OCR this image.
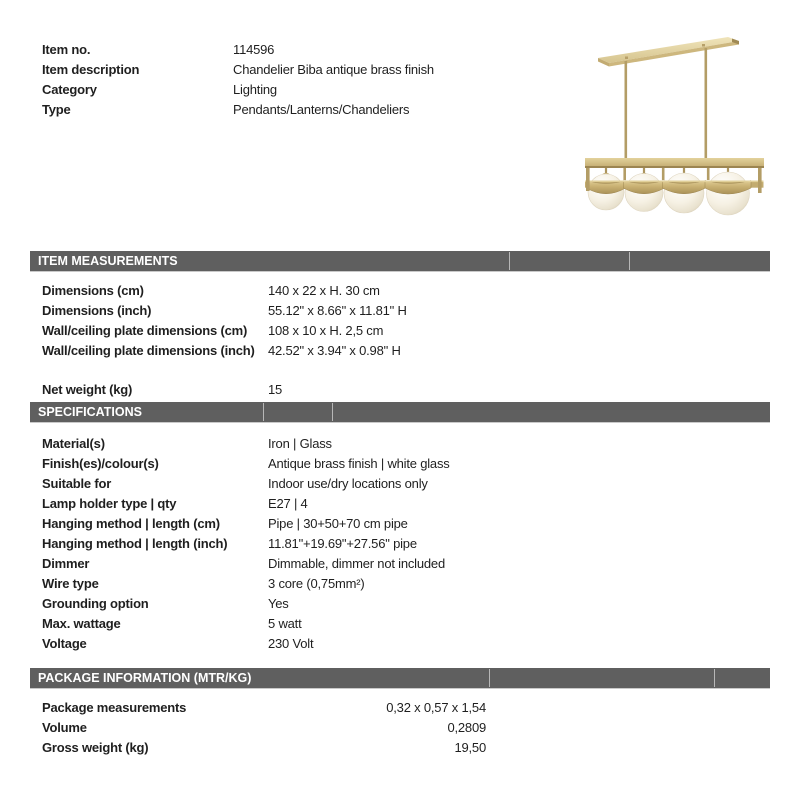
Item no.	114596
Item description	Chandelier Biba antique brass finish
Category	Lighting
Type	Pendants/Lanterns/Chandeliers
ITEM MEASUREMENTS
Dimensions (cm)	140 x 22 x H. 30 cm
Dimensions (inch)	55.12" x 8.66" x 11.81" H
Wall/ceiling plate dimensions (cm)	108 x 10 x H. 2,5 cm
Wall/ceiling plate dimensions (inch)	42.52" x 3.94" x 0.98" H
Net weight (kg)	15
SPECIFICATIONS
Material(s)	Iron | Glass
Finish(es)/colour(s)	Antique brass finish | white glass
Suitable for	Indoor use/dry locations only
Lamp holder type | qty	E27 | 4
Hanging method | length (cm)	Pipe | 30+50+70 cm pipe
Hanging method | length (inch)	11.81"+19.69"+27.56" pipe
Dimmer	Dimmable, dimmer not included
Wire type	3 core (0,75mm²)
Grounding option	Yes
Max. wattage	5 watt
Voltage	230 Volt
PACKAGE INFORMATION (MTR/KG)
Package measurements	0,32 x 0,57 x 1,54
Volume	0,2809
Gross weight (kg)	19,50
